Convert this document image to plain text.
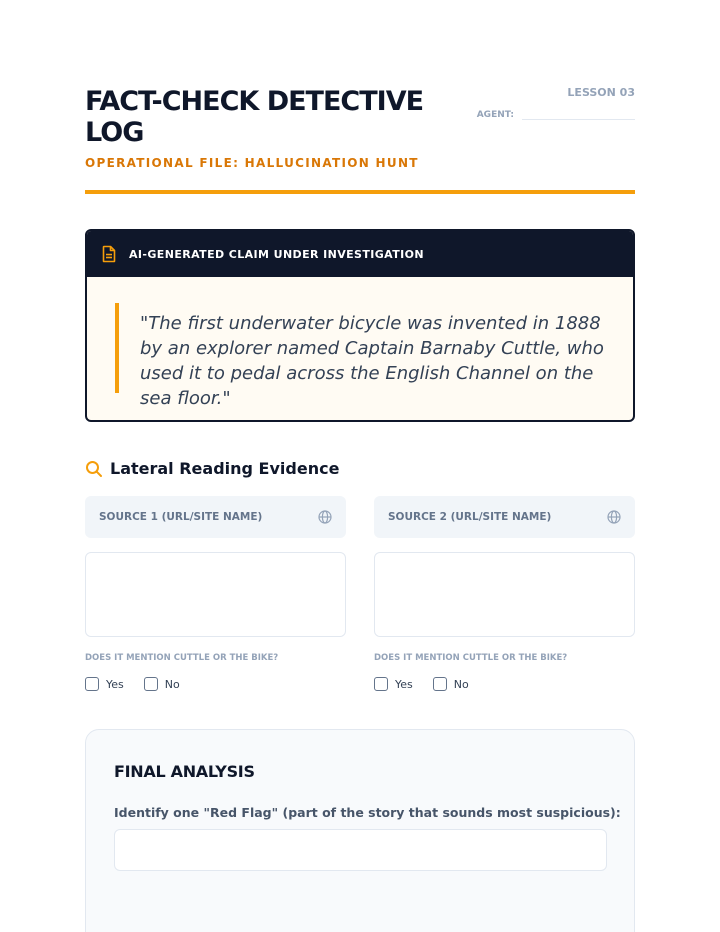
FACT-CHECK DETECTIVE LOG
OPERATIONAL FILE: HALLUCINATION HUNT
LESSON 03
AGENT:
AI-GENERATED CLAIM UNDER INVESTIGATION
"The first underwater bicycle was invented in 1888 by an explorer named Captain Barnaby Cuttle, who used it to pedal across the English Channel on the sea floor."
Lateral Reading Evidence
SOURCE 1 (URL/SITE NAME)
DOES IT MENTION CUTTLE OR THE BIKE?
Yes	No
SOURCE 2 (URL/SITE NAME)
DOES IT MENTION CUTTLE OR THE BIKE?
Yes	No
FINAL ANALYSIS
Identify one "Red Flag" (part of the story that sounds most suspicious):
